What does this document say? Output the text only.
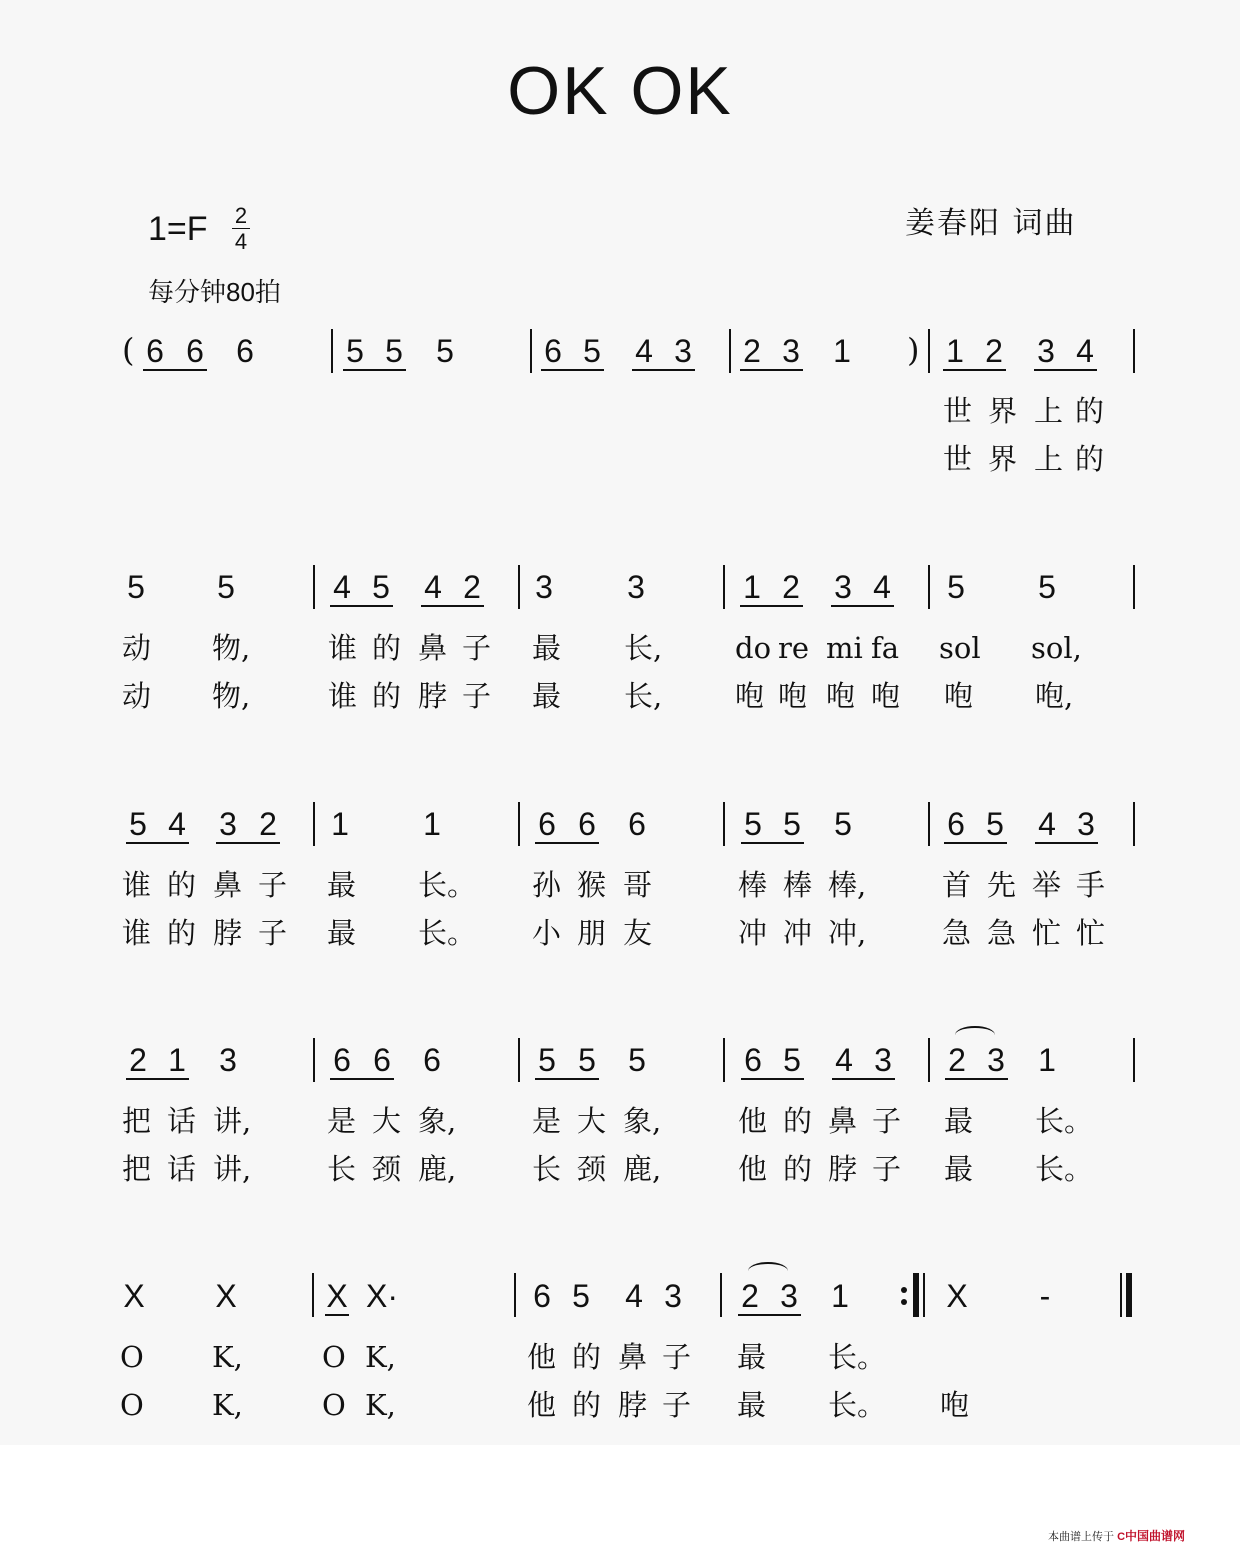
OK OK
1=F 2
4
每分钟80拍
姜春阳 词曲
( 6 6 6	5 5 5	6 5 4 3 2 3 1 ) 1 2 3 4
世 界 上 的
世 界 上 的
5 5	4 5 4 2 3 3	1 2 3 4 5 5
动 物,	谁 的 鼻 子 最 长,	do re mi fa sol sol,
动 物,	谁 的 脖 子 最 长,	咆 咆 咆 咆 咆 咆,
5 4 3 2 1 1	6 6 6	5 5 5	6 5 4 3
谁 的 鼻 子 最 长。 孙 猴 哥	棒 棒 棒,	首 先 举 手
谁 的 脖 子 最 长。 小 朋 友	冲 冲 冲,	急 急 忙 忙
2 1 3	6 6 6	5 5 5	6 5 4 3 2 3 1
把 话 讲,	是 大 象,	是 大 象,	他 的 鼻 子 最 长。
把 话 讲,	长 颈 鹿,	长 颈 鹿,	他 的 脖 子 最 长。
X X	X X·	6 5 4 3 2 3 1	X -
O K,	O K,	他 的 鼻 子 最 长。
O K,	O K,	他 的 脖 子 最 长。 咆
本曲谱上传于 C中国曲谱网
